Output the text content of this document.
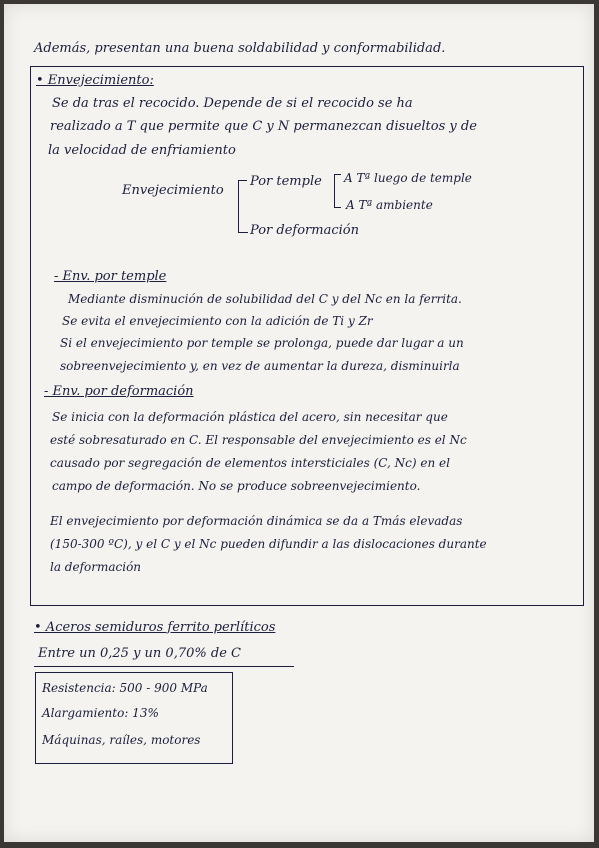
Además, presentan una buena soldabilidad y conformabilidad.
• Envejecimiento:
Se da tras el recocido. Depende de si el recocido se ha
realizado a T que permite que C y N permanezcan disueltos y de
la velocidad de enfriamiento
Envejecimiento
Por temple A Tª luego de temple
A Tª ambiente
Por deformación
- Env. por temple
Mediante disminución de solubilidad del C y del Nc en la ferrita.
Se evita el envejecimiento con la adición de Ti y Zr
Si el envejecimiento por temple se prolonga, puede dar lugar a un
sobreenvejecimiento y, en vez de aumentar la dureza, disminuirla
- Env. por deformación
Se inicia con la deformación plástica del acero, sin necesitar que
esté sobresaturado en C. El responsable del envejecimiento es el Nc
causado por segregación de elementos intersticiales (C, Nc) en el
campo de deformación. No se produce sobreenvejecimiento.
El envejecimiento por deformación dinámica se da a Tmás elevadas
(150-300 ºC), y el C y el Nc pueden difundir a las dislocaciones durante
la deformación
• Aceros semiduros ferrito perlíticos
Entre un 0,25 y un 0,70% de C
Resistencia: 500 - 900 MPa
Alargamiento: 13%
Máquinas, raíles, motores
